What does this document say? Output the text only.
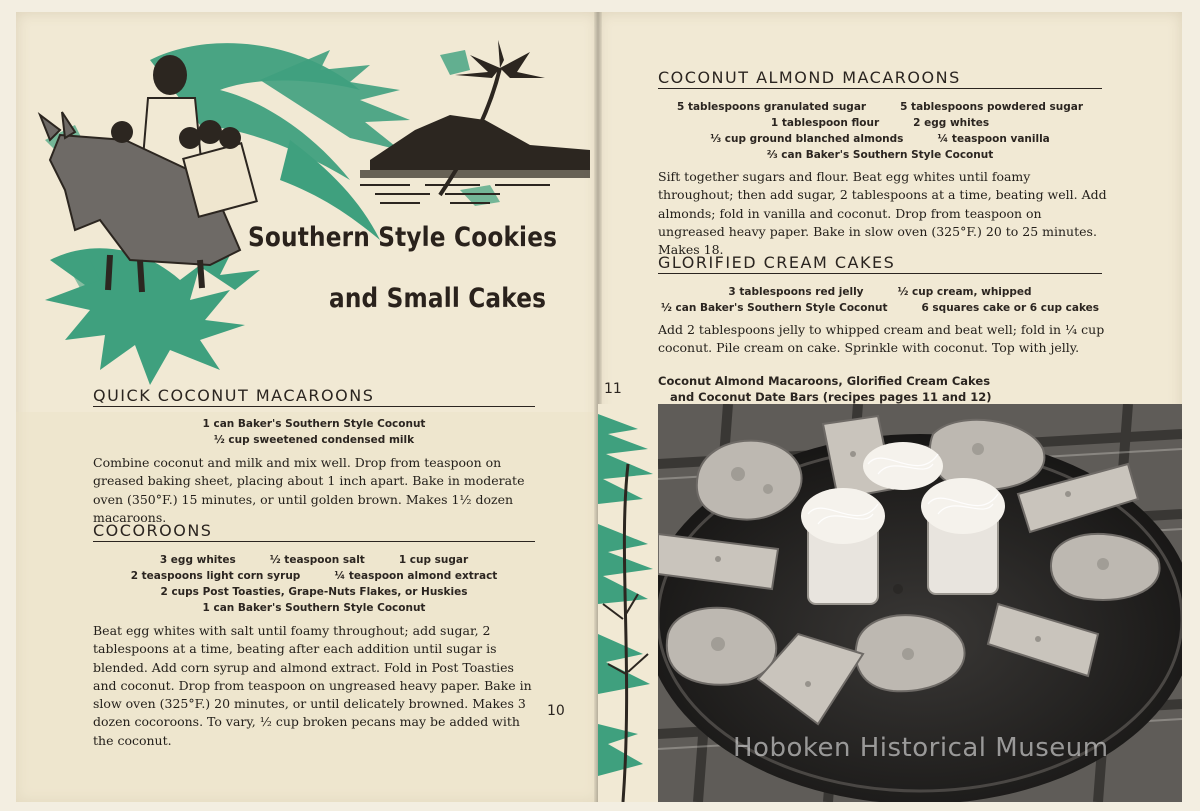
Southern Style Cookies
and Small Cakes
QUICK COCONUT MACAROONS
1 can Baker's Southern Style Coconut
½ cup sweetened condensed milk
Combine coconut and milk and mix well. Drop from teaspoon on greased baking sheet, placing about 1 inch apart. Bake in moderate oven (350°F.) 15 minutes, or until golden brown. Makes 1½ dozen macaroons.
COCOROONS
3 egg whites	½ teaspoon salt	1 cup sugar
2 teaspoons light corn syrup	¼ teaspoon almond extract
2 cups Post Toasties, Grape-Nuts Flakes, or Huskies
1 can Baker's Southern Style Coconut
Beat egg whites with salt until foamy throughout; add sugar, 2 tablespoons at a time, beating after each addition until sugar is blended. Add corn syrup and almond extract. Fold in Post Toasties and coconut. Drop from teaspoon on ungreased heavy paper. Bake in slow oven (325°F.) 20 minutes, or until delicately browned. Makes 3 dozen cocoroons. To vary, ½ cup broken pecans may be added with the coconut.
10
COCONUT ALMOND MACAROONS
5 tablespoons granulated sugar	5 tablespoons powdered sugar
1 tablespoon flour	2 egg whites
⅓ cup ground blanched almonds	¼ teaspoon vanilla
⅔ can Baker's Southern Style Coconut
Sift together sugars and flour. Beat egg whites until foamy throughout; then add sugar, 2 tablespoons at a time, beating well. Add almonds; fold in vanilla and coconut. Drop from teaspoon on ungreased heavy paper. Bake in slow oven (325°F.) 20 to 25 minutes. Makes 18.
GLORIFIED CREAM CAKES
3 tablespoons red jelly	½ cup cream, whipped
½ can Baker's Southern Style Coconut	6 squares cake or 6 cup cakes
Add 2 tablespoons jelly to whipped cream and beat well; fold in ¼ cup coconut. Pile cream on cake. Sprinkle with coconut. Top with jelly.
11	Coconut Almond Macaroons, Glorified Cream Cakes
and Coconut Date Bars (recipes pages 11 and 12)
Hoboken Historical Museum
